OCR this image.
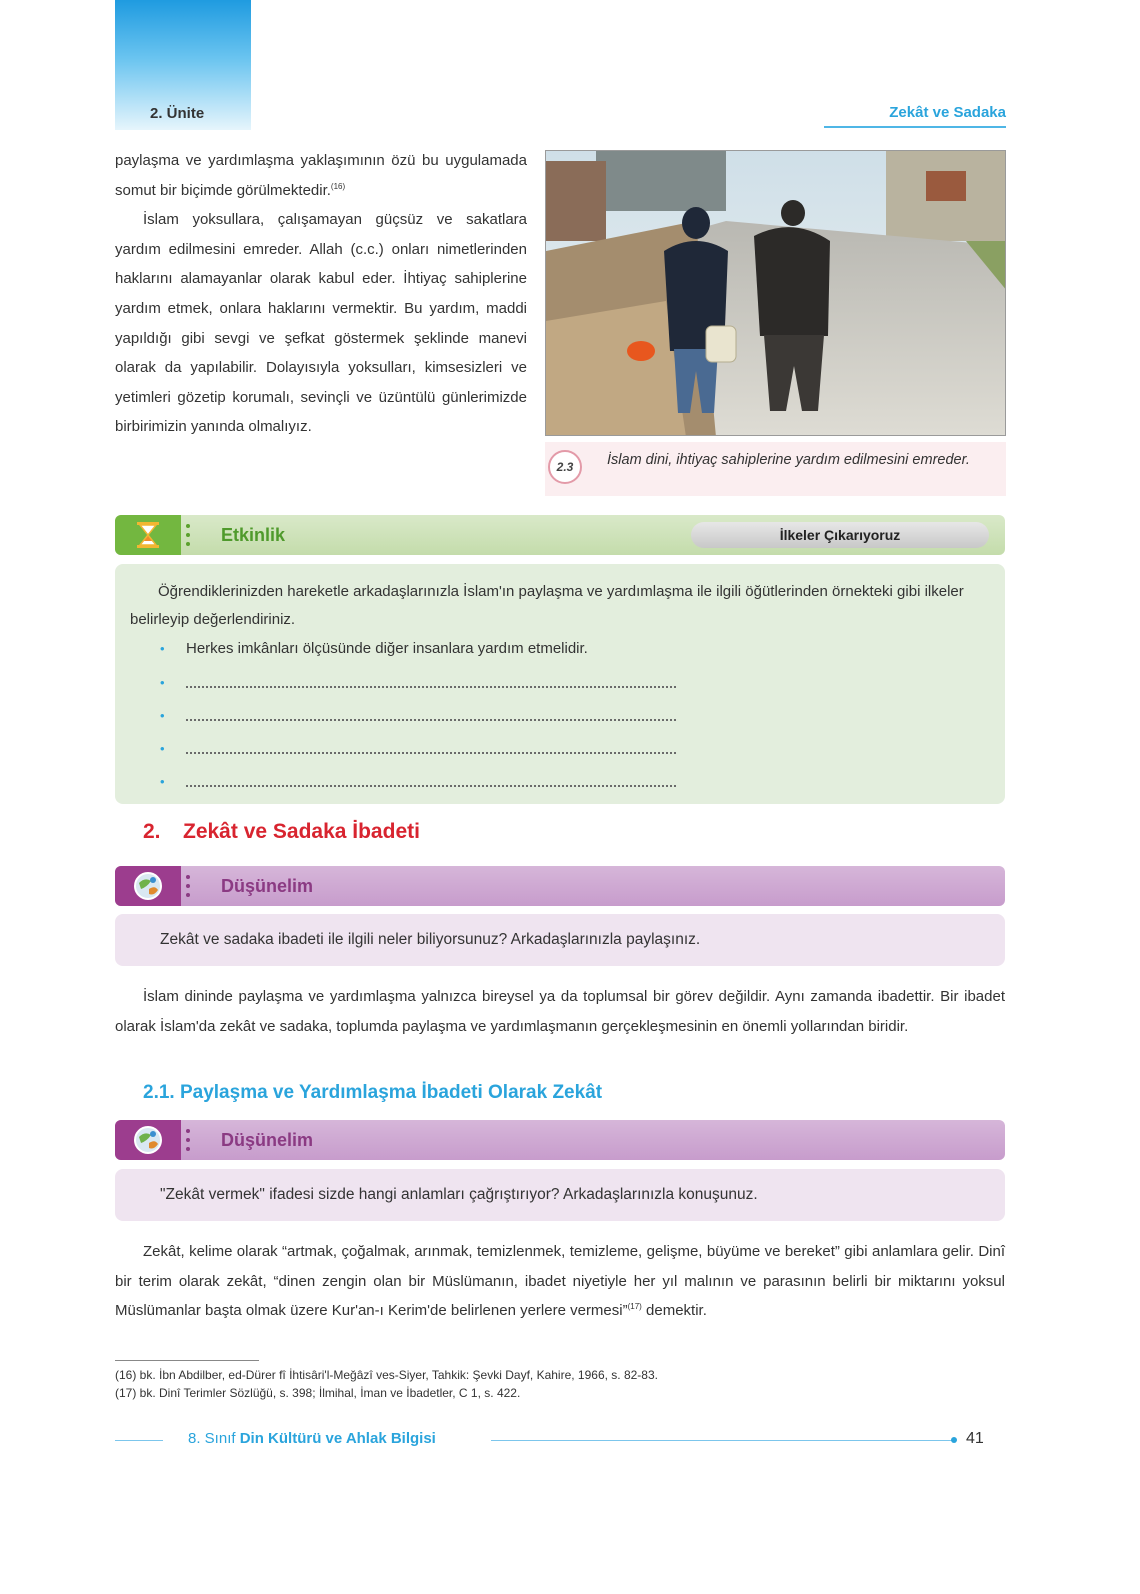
2. Ünite	Zekât ve Sadaka

paylaşma ve yardımlaşma yaklaşımının özü bu uygulamada somut bir biçimde görülmektedir.$^{(16)}$

İslam yoksullara, çalışamayan güçsüz ve sakatlara yardım edilmesini emreder. Allah (c.c.) onları nimetlerinden haklarını alamayanlar olarak kabul eder. İhtiyaç sahiplerine yardım etmek, onlara haklarını vermektir. Bu yardım, maddi yapıldığı gibi sevgi ve şefkat göstermek şeklinde manevi olarak da yapılabilir. Dolayısıyla yoksulları, kimsesizleri ve yetimleri gözetip korumalı, sevinçli ve üzüntülü günlerimizde birbirimizin yanında olmalıyız.

2.3	İslam dini, ihtiyaç sahiplerine yardım edilmesini emreder.
Etkinlik	İlkeler Çıkarıyoruz
Öğrendiklerinizden hareketle arkadaşlarınızla İslam'ın paylaşma ve yardımlaşma ile ilgili öğütlerinden örnekteki gibi ilkeler belirleyip değerlendiriniz.
• Herkes imkânları ölçüsünde diğer insanlara yardım etmelidir.
•
•
•
•
2. Zekât ve Sadaka İbadeti
Düşünelim
Zekât ve sadaka ibadeti ile ilgili neler biliyorsunuz? Arkadaşlarınızla paylaşınız.
İslam dininde paylaşma ve yardımlaşma yalnızca bireysel ya da toplumsal bir görev değildir. Aynı zamanda ibadettir. Bir ibadet olarak İslam'da zekât ve sadaka, toplumda paylaşma ve yardımlaşmanın gerçekleşmesinin en önemli yollarından biridir.
2.1. Paylaşma ve Yardımlaşma İbadeti Olarak Zekât
Düşünelim
"Zekât vermek" ifadesi sizde hangi anlamları çağrıştırıyor? Arkadaşlarınızla konuşunuz.
Zekât, kelime olarak “artmak, çoğalmak, arınmak, temizlenmek, temizleme, gelişme, büyüme ve bereket” gibi anlamlara gelir. Dinî bir terim olarak zekât, “dinen zengin olan bir Müslümanın, ibadet niyetiyle her yıl malının ve parasının belirli bir miktarını yoksul Müslümanlar başta olmak üzere Kur'an-ı Kerim'de belirlenen yerlere vermesi”$^{(17)}$ demektir.
(16) bk. İbn Abdilber, ed-Dürer fî İhtisâri'l-Meğâzî ves-Siyer, Tahkik: Şevki Dayf, Kahire, 1966, s. 82-83.
(17) bk. Dinî Terimler Sözlüğü, s. 398; İlmihal, İman ve İbadetler, C 1, s. 422.
8. Sınıf Din Kültürü ve Ahlak Bilgisi	41
